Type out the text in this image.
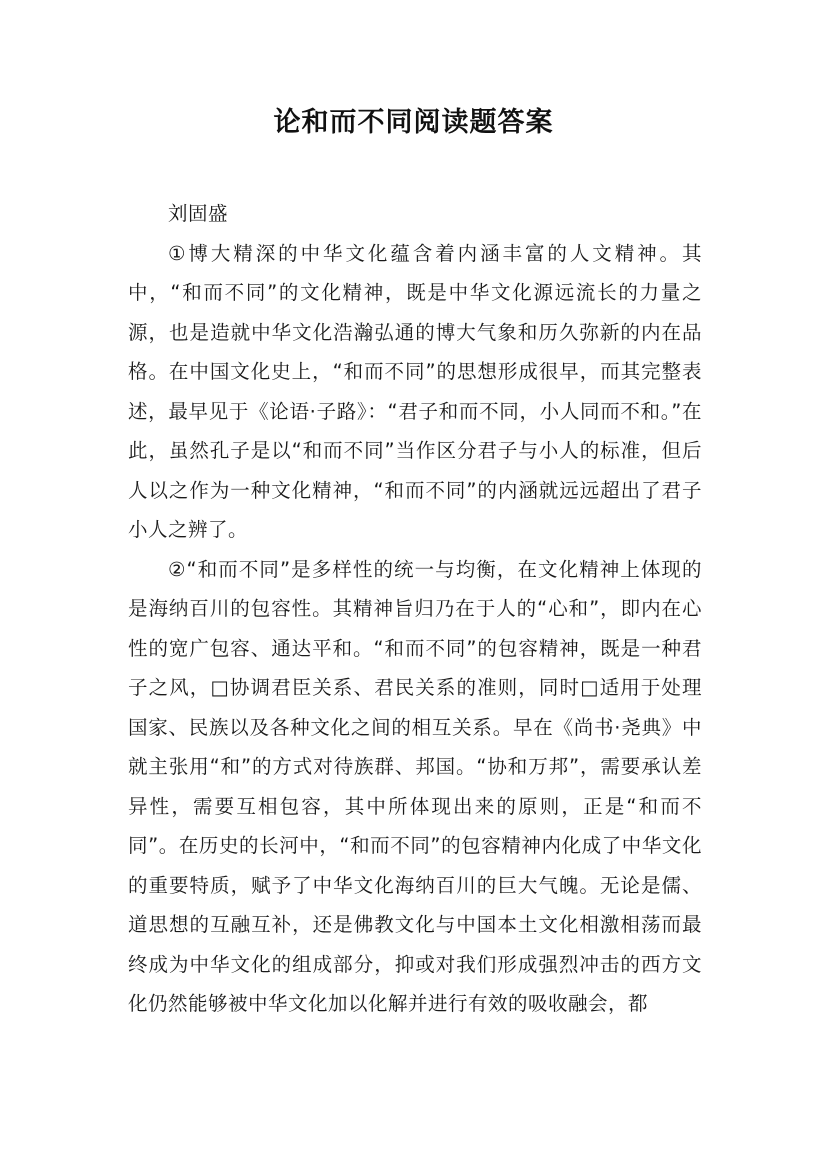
论和而不同阅读题答案

刘固盛

①博大精深的中华文化蕴含着内涵丰富的人文精神。其中，“和而不同”的文化精神，既是中华文化源远流长的力量之源，也是造就中华文化浩瀚弘通的博大气象和历久弥新的内在品格。在中国文化史上，“和而不同”的思想形成很早，而其完整表述，最早见于《论语·子路》：“君子和而不同，小人同而不和。”在此，虽然孔子是以“和而不同”当作区分君子与小人的标准，但后人以之作为一种文化精神，“和而不同”的内涵就远远超出了君子小人之辨了。

②“和而不同”是多样性的统一与均衡，在文化精神上体现的是海纳百川的包容性。其精神旨归乃在于人的“心和”，即内在心性的宽广包容、通达平和。“和而不同”的包容精神，既是一种君子之风，□协调君臣关系、君民关系的准则，同时□适用于处理国家、民族以及各种文化之间的相互关系。早在《尚书·尧典》中就主张用“和”的方式对待族群、邦国。“协和万邦”，需要承认差异性，需要互相包容，其中所体现出来的原则，正是“和而不同”。在历史的长河中，“和而不同”的包容精神内化成了中华文化的重要特质，赋予了中华文化海纳百川的巨大气魄。无论是儒、道思想的互融互补，还是佛教文化与中国本土文化相激相荡而最终成为中华文化的组成部分，抑或对我们形成强烈冲击的西方文化仍然能够被中华文化加以化解并进行有效的吸收融会，都
